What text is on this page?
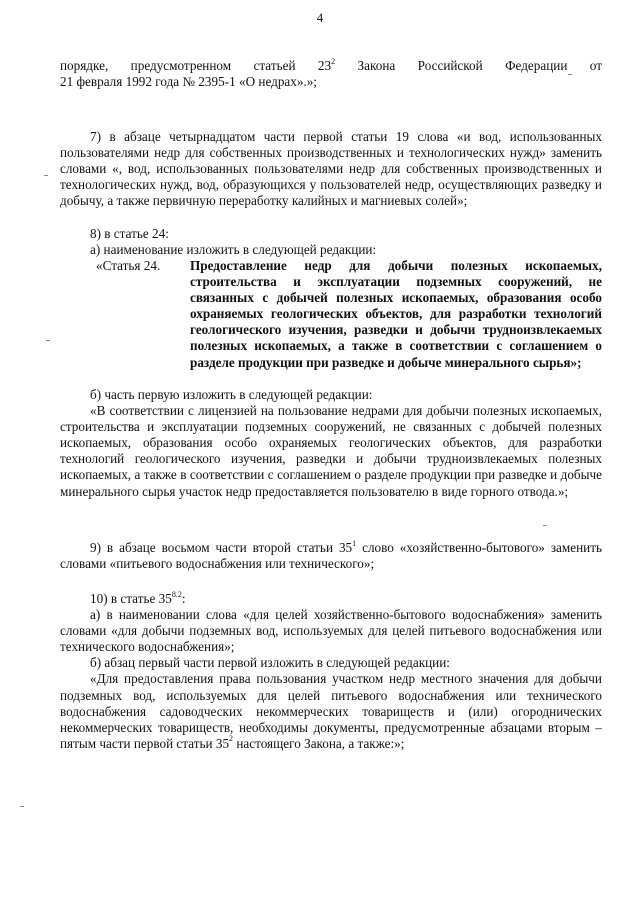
4

порядке, предусмотренном статьей $23^2$ Закона Российской Федерации от

21 февраля 1992 года № 2395-1 «О недрах».»;

7) в абзаце четырнадцатом части первой статьи 19 слова «и вод, использованных пользователями недр для собственных производственных и технологических нужд» заменить словами «, вод, использованных пользователями недр для собственных производственных и технологических нужд, вод, образующихся у пользователей недр, осуществляющих разведку и добычу, а также первичную переработку калийных и магниевых солей»;

8) в статье 24:

а) наименование изложить в следующей редакции:

«Статья 24.	Предоставление недр для добычи полезных ископаемых, строительства и эксплуатации подземных сооружений, не связанных с добычей полезных ископаемых, образования особо охраняемых геологических объектов, для разработки технологий геологического изучения, разведки и добычи трудноизвлекаемых полезных ископаемых, а также в соответствии с соглашением о разделе продукции при разведке и добыче минерального сырья»;

б) часть первую изложить в следующей редакции:

«В соответствии с лицензией на пользование недрами для добычи полезных ископаемых, строительства и эксплуатации подземных сооружений, не связанных с добычей полезных ископаемых, образования особо охраняемых геологических объектов, для разработки технологий геологического изучения, разведки и добычи трудноизвлекаемых полезных ископаемых, а также в соответствии с соглашением о разделе продукции при разведке и добыче минерального сырья участок недр предоставляется пользователю в виде горного отвода.»;

9) в абзаце восьмом части второй статьи $35^1$ слово «хозяйственно-бытового» заменить словами «питьевого водоснабжения или технического»;

10) в статье $35^{8.2}$:

а) в наименовании слова «для целей хозяйственно-бытового водоснабжения» заменить словами «для добычи подземных вод, используемых для целей питьевого водоснабжения или технического водоснабжения»;

б) абзац первый части первой изложить в следующей редакции:

«Для предоставления права пользования участком недр местного значения для добычи подземных вод, используемых для целей питьевого водоснабжения или технического водоснабжения садоводческих некоммерческих товариществ и (или) огороднических некоммерческих товариществ, необходимы документы, предусмотренные абзацами вторым – пятым части первой статьи $35^2$ настоящего Закона, а также:»;
